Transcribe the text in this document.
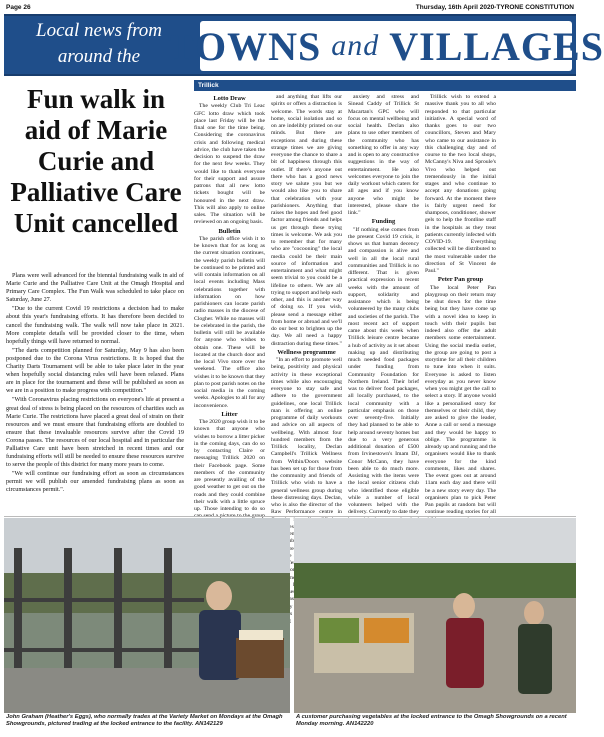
Page 26	Thursday, 16th April 2020-TYRONE CONSTITUTION
Local news from
around the TOWNS and VILLAGES
Fun walk in aid of Marie Curie and Palliative Care Unit cancelled

Plans were well advanced for the biennial fundraising walk in aid of Marie Curie and the Palliative Care Unit at the Omagh Hospital and Primary Care Complex. The Fun Walk was scheduled to take place on Saturday, June 27.

"Due to the current Covid 19 restrictions a decision had to make about this year's fundraising efforts. It has therefore been decided to cancel the fundraising walk. The walk will now take place in 2021. More complete details will be provided closer to the time, when hopefully things will have returned to normal.

"The darts competition planned for Saturday, May 9 has also been postponed due to the Corona Virus restrictions. It is hoped that the Charity Darts Tournament will be able to take place later in the year when hopefully social distancing rules will have been relaxed. Plans are in place for the tournament and these will be published as soon as we are in a position to make progress with competition."

"With Coronavirus placing restrictions on everyone's life at present a great deal of stress is being placed on the resources of charities such as Marie Curie. The restrictions have placed a great deal of strain on their resources and we must ensure that fundraising efforts are doubled to ensure that these invaluable resources survive after the Covid 19 Corona passes. The resources of our local hospital and in particular the Palliative Care unit have been stretched in recent times and our fundraising efforts will still be needed to ensure these resources survive to serve the people of this district for many more years to come.

"We will continue our fundraising effort as soon as circumstances permit we will publish our amended fundraising plans as soon as circumstances permit.".

Trillick
Lotto Draw

The weekly Club Tri Leac GFC lotto draw which took place last Friday will be the final one for the time being. Considering the coronavirus crisis and following medical advice, the club have taken the decision to suspend the draw for the next few weeks. They would like to thank everyone for their support and assure patrons that all new lotto tickets bought will be honoured in the next draw. This will also apply to online sales. The situation will be reviewed on an ongoing basis.

Bulletin

The parish office wish it to be known that for as long as the current situation continues, the weekly parish bulletin will be continued to be printed and will contain information on all local events including Mass celebrations together with information on how parishioners can locate parish radio masses in the diocese of Clogher. While no masses will be celebrated in the parish, the bulletin will still be available for anyone who wishes to obtain one. These will be located at the church door and the local Vivo store over the weekend. The office also wishes it to be known that they plan to post parish notes on the social media in the coming weeks. Apologies to all for any inconvenience.

Litter

The 2020 group wish it to be known that anyone who wishes to borrow a litter picker in the coming days, can do so by contacting Claire or messaging Trillick 2020 on their Facebook page. Some members of the community are presently availing of the good weather to get out on the roads and they could combine their walk with a little spruce up. Those intending to do so

and anything that lifts our spirits or offers a distraction is welcome. The words stay at home, social isolation and so on are indelibly printed on our minds. But there are exceptions and during these strange times we are giving everyone the chance to share a bit of happiness through this outlet. If there's anyone out there who has a good news story we salute you but we would also like you to share that celebration with your parishioners. Anything that raises the hopes and feel good factor among friends and helps us get through these trying times is welcome. We ask you to remember that for many who are "cocooning" the local media could be their main source of information and entertainment and what might seem trivial to you could be a lifeline to others. We are all trying to support and help each other, and this is another way of doing so. If you wish, please send a message either from home or abroad and we'll do our best to brighten up the day. We all need a happy distraction during these times."

Wellness programme

"In an effort to promote well being, positivity and physical activity in these exceptional times while also encouraging everyone to stay safe and adhere to the government guidelines, one local Trillick man is offering an online programme of daily workouts and advice on all aspects of wellbeing. With almost four hundred members from the Trillick locality, Declan Campbell's Trillick Wellness from Within/Doors website has been set up for those from the community and friends of Trillick who wish to have a general wellness group during these distressing days. Declan, who is also the director of the Raw Performance centre in these areas offering based

anxiety and stress and Sinead Caddy of Trillick St Macartan's GPC who will focus on mental wellbeing and social health. Declan also plans to use other members of the community who has something to offer in any way and is open to any constructive suggestions in the way of entertainment. He also welcomes everyone to join the daily workout which caters for all ages and if you know anyone who might be interested, please share the link."

Funding

"If nothing else comes from the present Covid 19 crisis, it shows us that human decency and compassion is alive and well in all the local rural communities and Trillick is no different. That is given practical expression in recent weeks with the amount of support, solidarity and assistance which is being volunteered by the many clubs and societies of the parish. The most recent act of support came about this week when Trillick leisure centre became a hub of activity as it set about making up and distributing much needed food packages under funding from Community Foundation for Northern Ireland. Their brief was to deliver food packages, all locally purchased, to the local community with a particular emphasis on those over seventy-five. Initially they had planned to be able to help around seventy homes but due to a very generous additional donation of £500 from Irvinestown's Imam DJ, Conor McCann, they have been able to do much more. Assisting with the items were the local senior citizens club who identified those eligible while a number of local volunteers helped with the delivery. Currently to date they

Trillick wish to extend a massive thank you to all who responded to that particular initiative. A special word of thanks goes to our two councillors, Steven and Mary who came to our assistance in this challenging day and of course to the two local shops, McCanny's Niva and Sproule's Vivo who helped out tremendously in the initial stages and who continue to accept any donations going forward. At the moment there is fairly urgent need for shampoos, conditioner, shower gels to help the frontline staff in the hospitals as they treat patients currently infected with COVID-19. Everything collected will be distributed to the most vulnerable under the direction of St Vincent de Paul."

Peter Pan group

The local Peter Pan playgroup on their return may be shut down for the time being but they have come up with a novel idea to keep in touch with their pupils but indeed also offer the adult members some entertainment. Using the social media outlet, the group are going to post a storytime for all their children to tune into when it suits. Everyone is asked to listen everyday as you never know when you might get the call to select a story. If anyone would like a personalised story for themselves or their child, they are asked to give the leader, Anne a call or send a message and they would be happy to oblige. The programme is already up and running and the organisers would like to thank everyone for the kind comments, likes and shares. The event goes out at around 11am each day and there will be a new story every day. The organisers plan to pick Peter Pan pupils at random but will continue reading stories for all

John Graham (Heather's Eggs), who normally trades at the Variety Market on Mondays at the Omagh Showgrounds, pictured trading at the locked entrance to the facility. AN142129
A customer purchasing vegetables at the locked entrance to the Omagh Showgrounds on a recent Monday morning. AN142220
